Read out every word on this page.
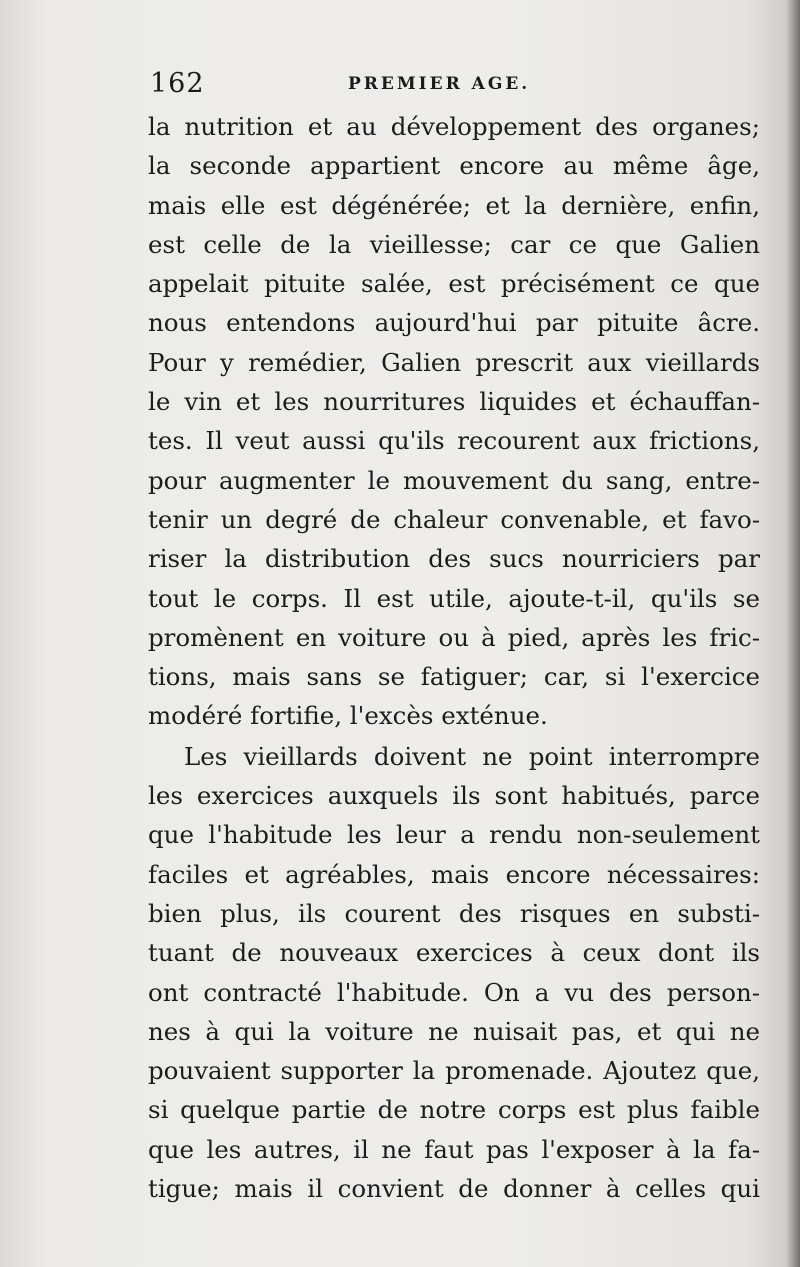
162	PREMIER AGE.
la nutrition et au développement des organes;
la seconde appartient encore au même âge,
mais elle est dégénérée; et la dernière, enfin,
est celle de la vieillesse; car ce que Galien
appelait pituite salée, est précisément ce que
nous entendons aujourd'hui par pituite âcre.
Pour y remédier, Galien prescrit aux vieillards
le vin et les nourritures liquides et échauffan-
tes. Il veut aussi qu'ils recourent aux frictions,
pour augmenter le mouvement du sang, entre-
tenir un degré de chaleur convenable, et favo-
riser la distribution des sucs nourriciers par
tout le corps. Il est utile, ajoute-t-il, qu'ils se
promènent en voiture ou à pied, après les fric-
tions, mais sans se fatiguer; car, si l'exercice
modéré fortifie, l'excès exténue.
Les vieillards doivent ne point interrompre
les exercices auxquels ils sont habitués, parce
que l'habitude les leur a rendu non-seulement
faciles et agréables, mais encore nécessaires:
bien plus, ils courent des risques en substi-
tuant de nouveaux exercices à ceux dont ils
ont contracté l'habitude. On a vu des person-
nes à qui la voiture ne nuisait pas, et qui ne
pouvaient supporter la promenade. Ajoutez que,
si quelque partie de notre corps est plus faible
que les autres, il ne faut pas l'exposer à la fa-
tigue; mais il convient de donner à celles qui
